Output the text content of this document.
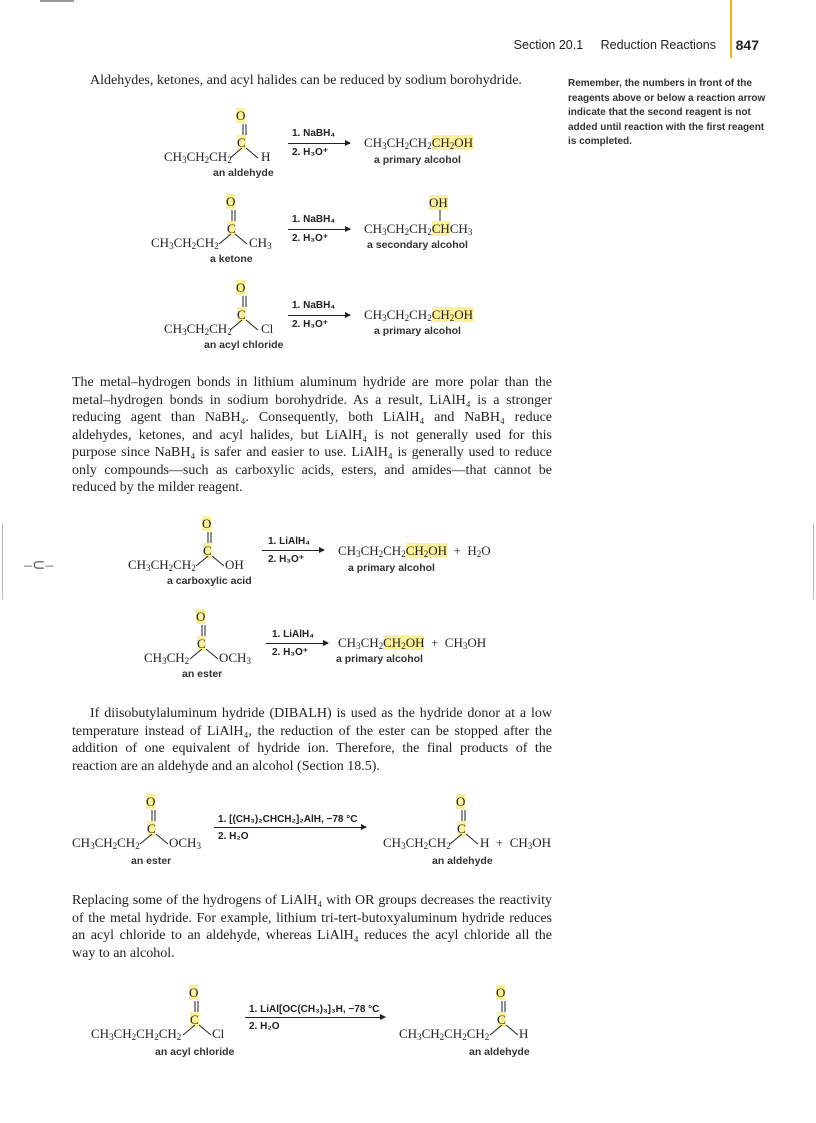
Section 20.1 Reduction Reactions 847
Remember, the numbers in front of the reagents above or below a reaction arrow indicate that the second reagent is not added until reaction with the first reagent is completed.
Aldehydes, ketones, and acyl halides can be reduced by sodium borohydride.
O
C
$CH_3CH_2CH_2$ H
an aldehyde
1. NaBH₄
2. H₃O⁺
$CH_3CH_2CH_2CH_2OH$
a primary alcohol
O
C
$CH_3CH_2CH_2$ $CH_3$
a ketone
1. NaBH₄
2. H₃O⁺
OH
$CH_3CH_2CH_2CHCH_3$
a secondary alcohol
O
C
$CH_3CH_2CH_2$ Cl
an acyl chloride
1. NaBH₄
2. H₃O⁺
$CH_3CH_2CH_2CH_2OH$
a primary alcohol
The metal–hydrogen bonds in lithium aluminum hydride are more polar than the metal–hydrogen bonds in sodium borohydride. As a result, LiAlH₄ is a stronger reducing agent than NaBH₄. Consequently, both LiAlH₄ and NaBH₄ reduce aldehydes, ketones, and acyl halides, but LiAlH₄ is not generally used for this purpose since NaBH₄ is safer and easier to use. LiAlH₄ is generally used to reduce only compounds—such as carboxylic acids, esters, and amides—that cannot be reduced by the milder reagent.
–⊂–
O
C
$CH_3CH_2CH_2$ OH
a carboxylic acid
1. LiAlH₄
2. H₃O⁺
$CH_3CH_2CH_2CH_2OH + H_2O$
a primary alcohol
O
C
$CH_3CH_2$ $OCH_3$
an ester
1. LiAlH₄
2. H₃O⁺
$CH_3CH_2CH_2OH + CH_3OH$
a primary alcohol
If diisobutylaluminum hydride (DIBALH) is used as the hydride donor at a low temperature instead of LiAlH₄, the reduction of the ester can be stopped after the addition of one equivalent of hydride ion. Therefore, the final products of the reaction are an aldehyde and an alcohol (Section 18.5).
O
C
$CH_3CH_2CH_2$ $OCH_3$
an ester
1. [(CH₃)₂CHCH₂]₂AlH, −78 °C
2. H₂O
O
C
$CH_3CH_2CH_2$ $H + CH_3OH$
an aldehyde
Replacing some of the hydrogens of LiAlH₄ with OR groups decreases the reactivity of the metal hydride. For example, lithium tri-tert-butoxyaluminum hydride reduces an acyl chloride to an aldehyde, whereas LiAlH₄ reduces the acyl chloride all the way to an alcohol.
O
C
$CH_3CH_2CH_2CH_2$ Cl
an acyl chloride
1. LiAl[OC(CH₃)₃]₃H, −78 °C
2. H₂O
O
C
$CH_3CH_2CH_2CH_2$ H
an aldehyde
